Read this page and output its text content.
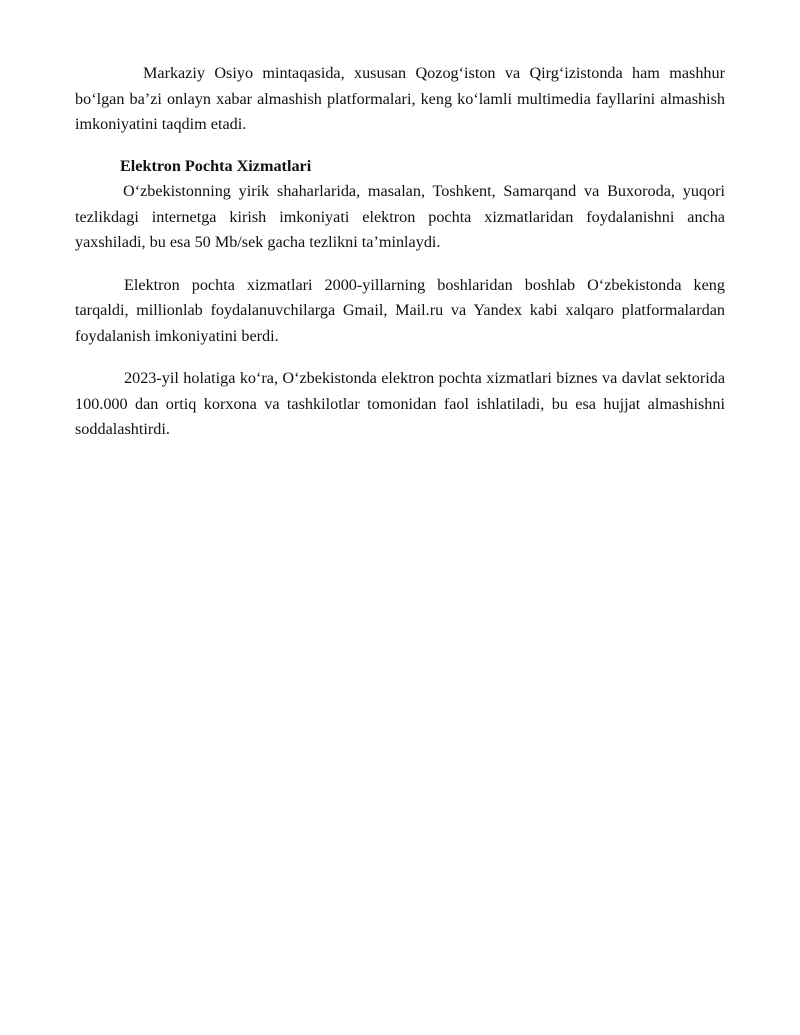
Markaziy Osiyo mintaqasida, xususan Qozog‘iston va Qirg‘izistonda ham mashhur bo‘lgan ba’zi onlayn xabar almashish platformalari, keng ko‘lamli multimedia fayllarini almashish imkoniyatini taqdim etadi.

Elektron Pochta Xizmatlari

O‘zbekistonning yirik shaharlarida, masalan, Toshkent, Samarqand va Buxoroda, yuqori tezlikdagi internetga kirish imkoniyati elektron pochta xizmatlaridan foydalanishni ancha yaxshiladi, bu esa 50 Mb/sek gacha tezlikni ta’minlaydi.

Elektron pochta xizmatlari 2000-yillarning boshlaridan boshlab O‘zbekistonda keng tarqaldi, millionlab foydalanuvchilarga Gmail, Mail.ru va Yandex kabi xalqaro platformalardan foydalanish imkoniyatini berdi.

2023-yil holatiga ko‘ra, O‘zbekistonda elektron pochta xizmatlari biznes va davlat sektorida 100.000 dan ortiq korxona va tashkilotlar tomonidan faol ishlatiladi, bu esa hujjat almashishni soddalashtirdi.
